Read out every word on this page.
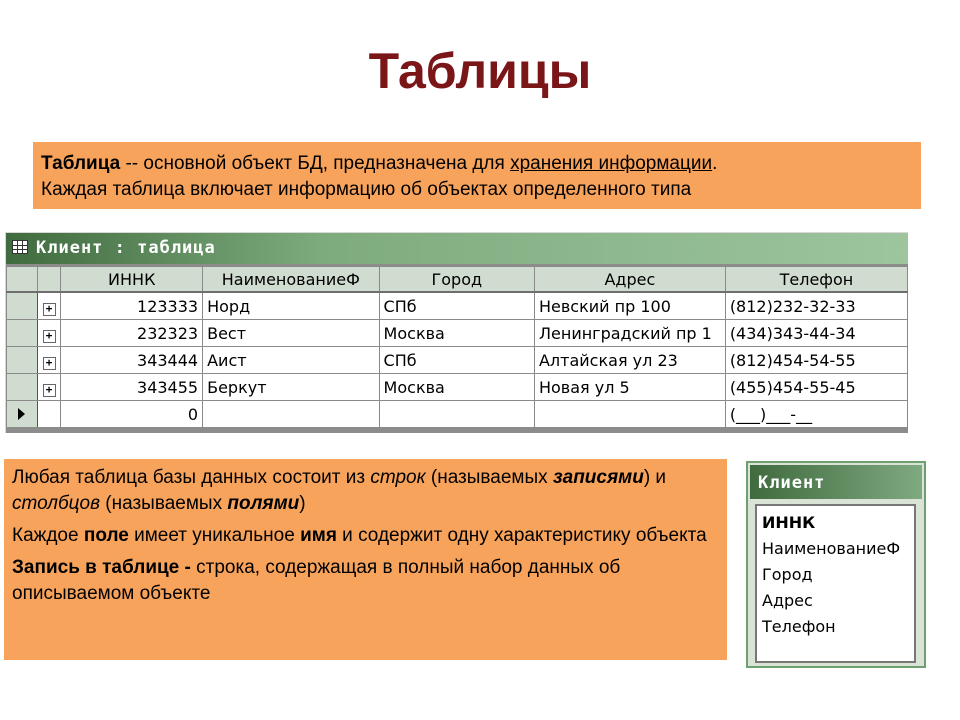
Таблицы
Таблица -- основной объект БД, предназначена для хранения информации.
Каждая таблица включает информацию об объектах определенного типа
Клиент : таблица
		ИННК	НаименованиеФ	Город	Адрес	Телефон
	+	123333	Норд	СПб	Невский пр 100	(812)232-32-33
	+	232323	Вест	Москва	Ленинградский пр 1	(434)343-44-34
	+	343444	Аист	СПб	Алтайская ул 23	(812)454-54-55
	+	343455	Беркут	Москва	Новая ул 5	(455)454-55-45
		0				(___)___-__

Любая таблица базы данных состоит из строк (называемых записями) и столбцов (называемых полями)

Каждое поле имеет уникальное имя и содержит одну характеристику объекта

Запись в таблице - строка, содержащая в полный набор данных об описываемом объекте

Клиент
ИННК
НаименованиеФ
Город
Адрес
Телефон
